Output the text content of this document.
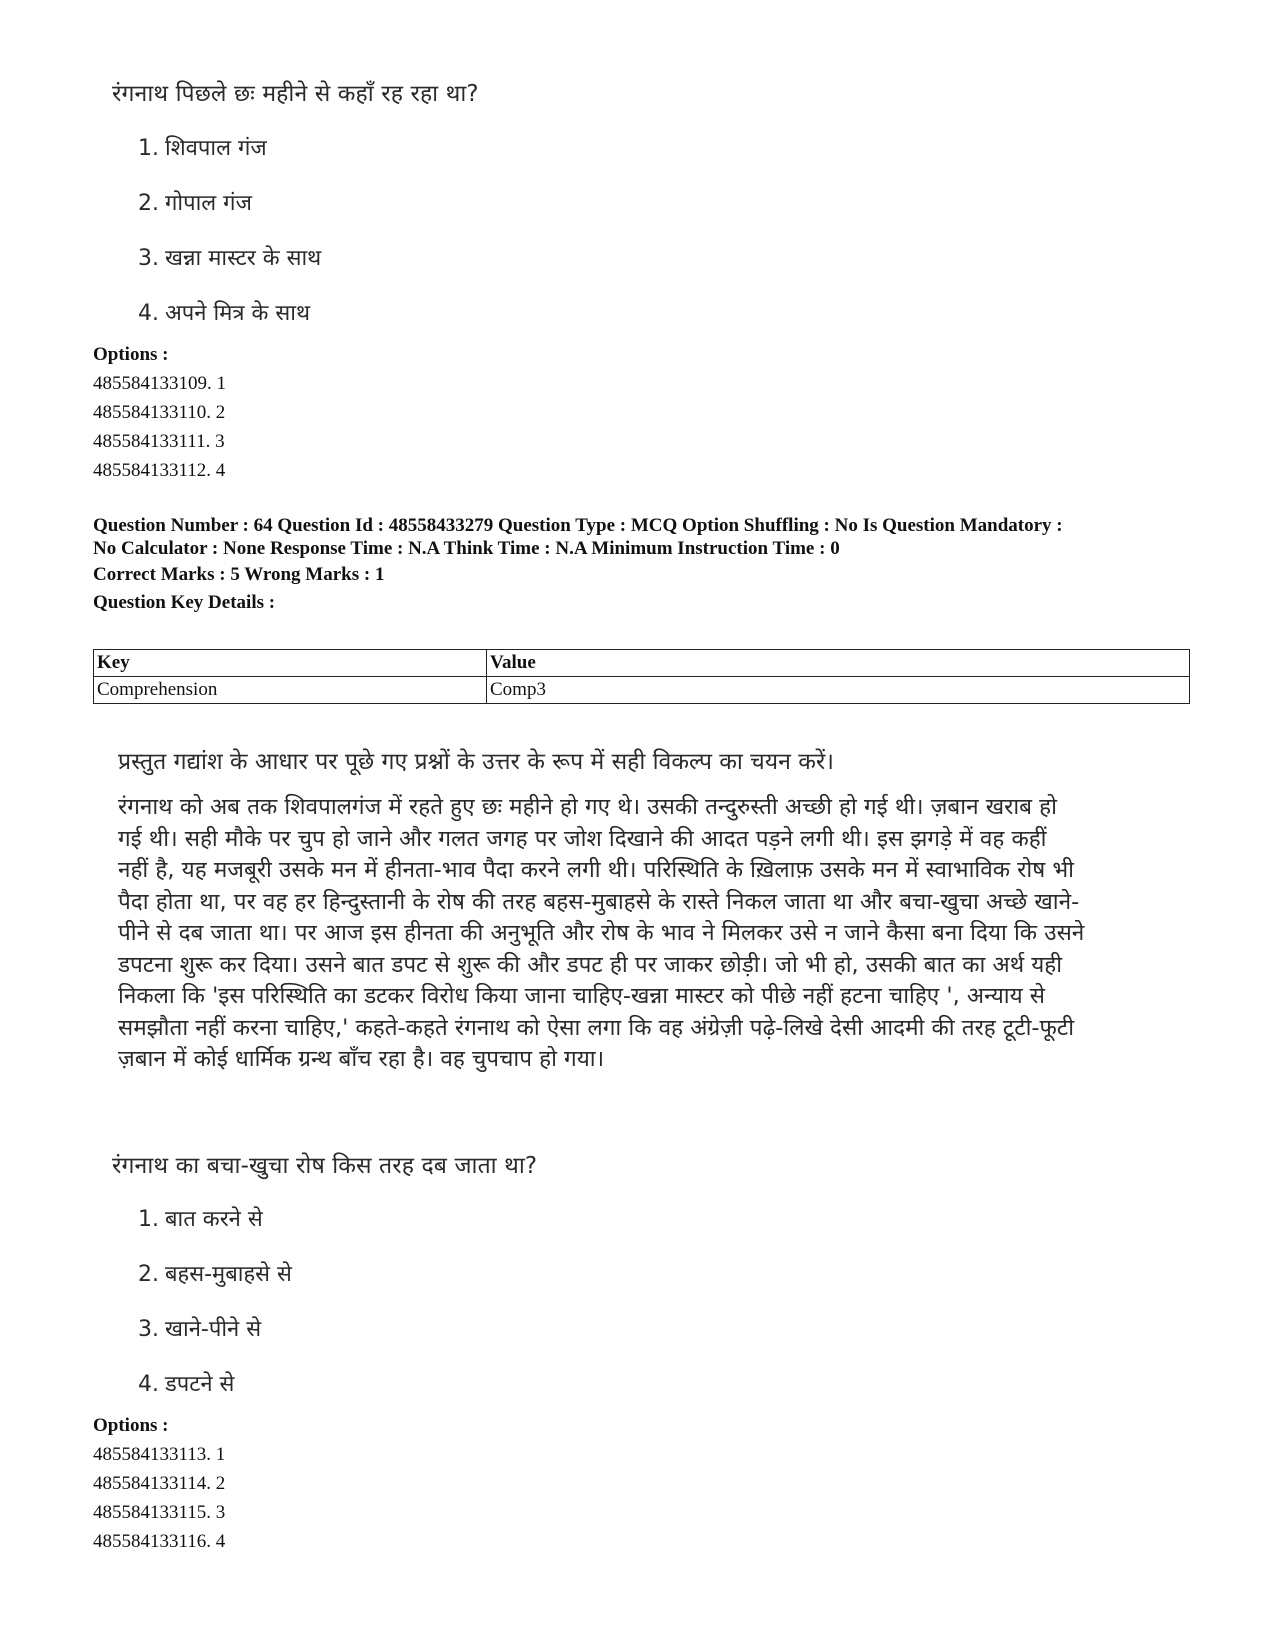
रंगनाथ पिछले छः महीने से कहाँ रह रहा था?
1. शिवपाल गंज
2. गोपाल गंज
3. खन्ना मास्टर के साथ
4. अपने मित्र के साथ
Options :
485584133109. 1
485584133110. 2
485584133111. 3
485584133112. 4
Question Number : 64 Question Id : 48558433279 Question Type : MCQ Option Shuffling : No Is Question Mandatory :
No Calculator : None Response Time : N.A Think Time : N.A Minimum Instruction Time : 0
Correct Marks : 5 Wrong Marks : 1
Question Key Details :
Key	Value
Comprehension	Comp3
प्रस्तुत गद्यांश के आधार पर पूछे गए प्रश्नों के उत्तर के रूप में सही विकल्प का चयन करें।
रंगनाथ को अब तक शिवपालगंज में रहते हुए छः महीने हो गए थे। उसकी तन्दुरुस्ती अच्छी हो गई थी। ज़बान खराब हो
गई थी। सही मौके पर चुप हो जाने और गलत जगह पर जोश दिखाने की आदत पड़ने लगी थी। इस झगड़े में वह कहीं
नहीं है, यह मजबूरी उसके मन में हीनता-भाव पैदा करने लगी थी। परिस्थिति के ख़िलाफ़ उसके मन में स्वाभाविक रोष भी
पैदा होता था, पर वह हर हिन्दुस्तानी के रोष की तरह बहस-मुबाहसे के रास्ते निकल जाता था और बचा-खुचा अच्छे खाने-
पीने से दब जाता था। पर आज इस हीनता की अनुभूति और रोष के भाव ने मिलकर उसे न जाने कैसा बना दिया कि उसने
डपटना शुरू कर दिया। उसने बात डपट से शुरू की और डपट ही पर जाकर छोड़ी। जो भी हो, उसकी बात का अर्थ यही
निकला कि 'इस परिस्थिति का डटकर विरोध किया जाना चाहिए-खन्ना मास्टर को पीछे नहीं हटना चाहिए ', अन्याय से
समझौता नहीं करना चाहिए,' कहते-कहते रंगनाथ को ऐसा लगा कि वह अंग्रेज़ी पढ़े-लिखे देसी आदमी की तरह टूटी-फूटी
ज़बान में कोई धार्मिक ग्रन्थ बाँच रहा है। वह चुपचाप हो गया।
रंगनाथ का बचा-खुचा रोष किस तरह दब जाता था?
1. बात करने से
2. बहस-मुबाहसे से
3. खाने-पीने से
4. डपटने से
Options :
485584133113. 1
485584133114. 2
485584133115. 3
485584133116. 4
